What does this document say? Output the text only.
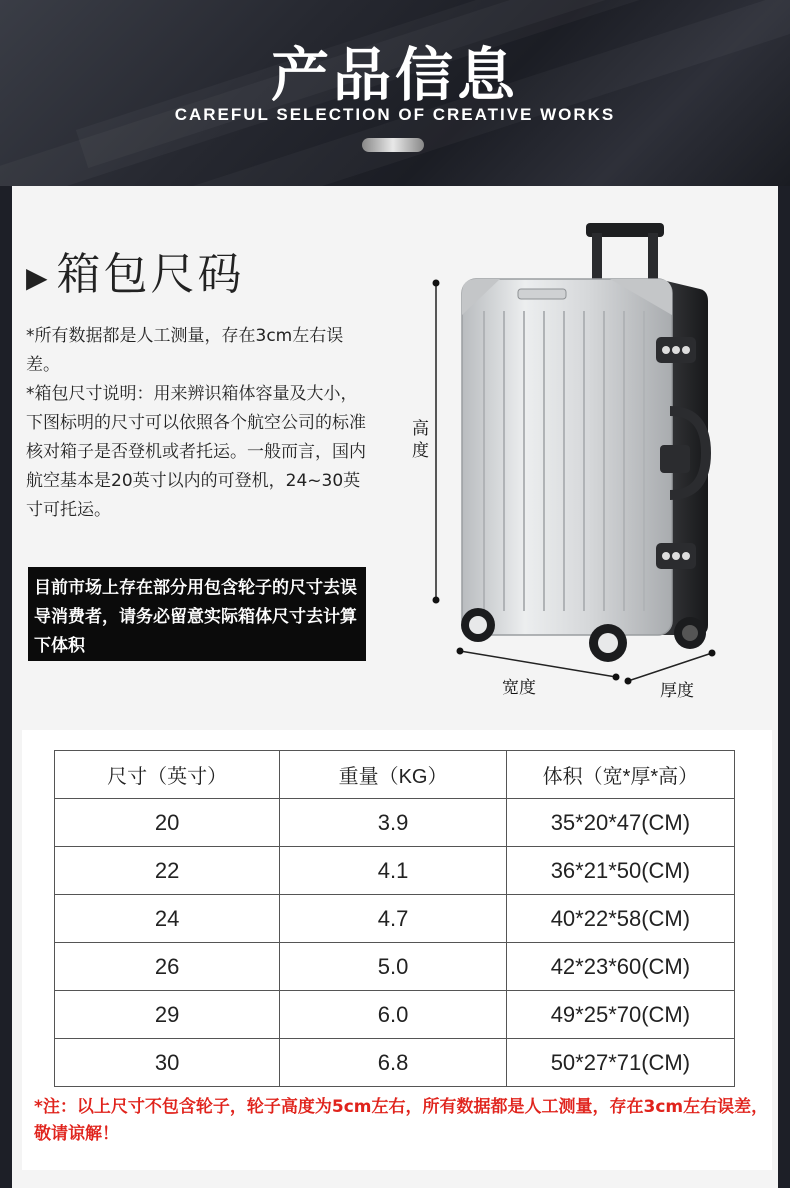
产品信息
CAREFUL SELECTION OF CREATIVE WORKS
▶ 箱包尺码

*所有数据都是人工测量，存在3cm左右误差。

*箱包尺寸说明：用来辨识箱体容量及大小，下图标明的尺寸可以依照各个航空公司的标准核对箱子是否登机或者托运。一般而言，国内航空基本是20英寸以内的可登机，24~30英寸可托运。

目前市场上存在部分用包含轮子的尺寸去误导消费者，请务必留意实际箱体尺寸去计算下体积
高度
宽度	厚度
尺寸（英寸）	重量（KG）	体积（宽*厚*高）
20	3.9	35*20*47(CM)
22	4.1	36*21*50(CM)
24	4.7	40*22*58(CM)
26	5.0	42*23*60(CM)
29	6.0	49*25*70(CM)
30	6.8	50*27*71(CM)
*注：以上尺寸不包含轮子，轮子高度为5cm左右，所有数据都是人工测量，存在3cm左右误差，敬请谅解！
